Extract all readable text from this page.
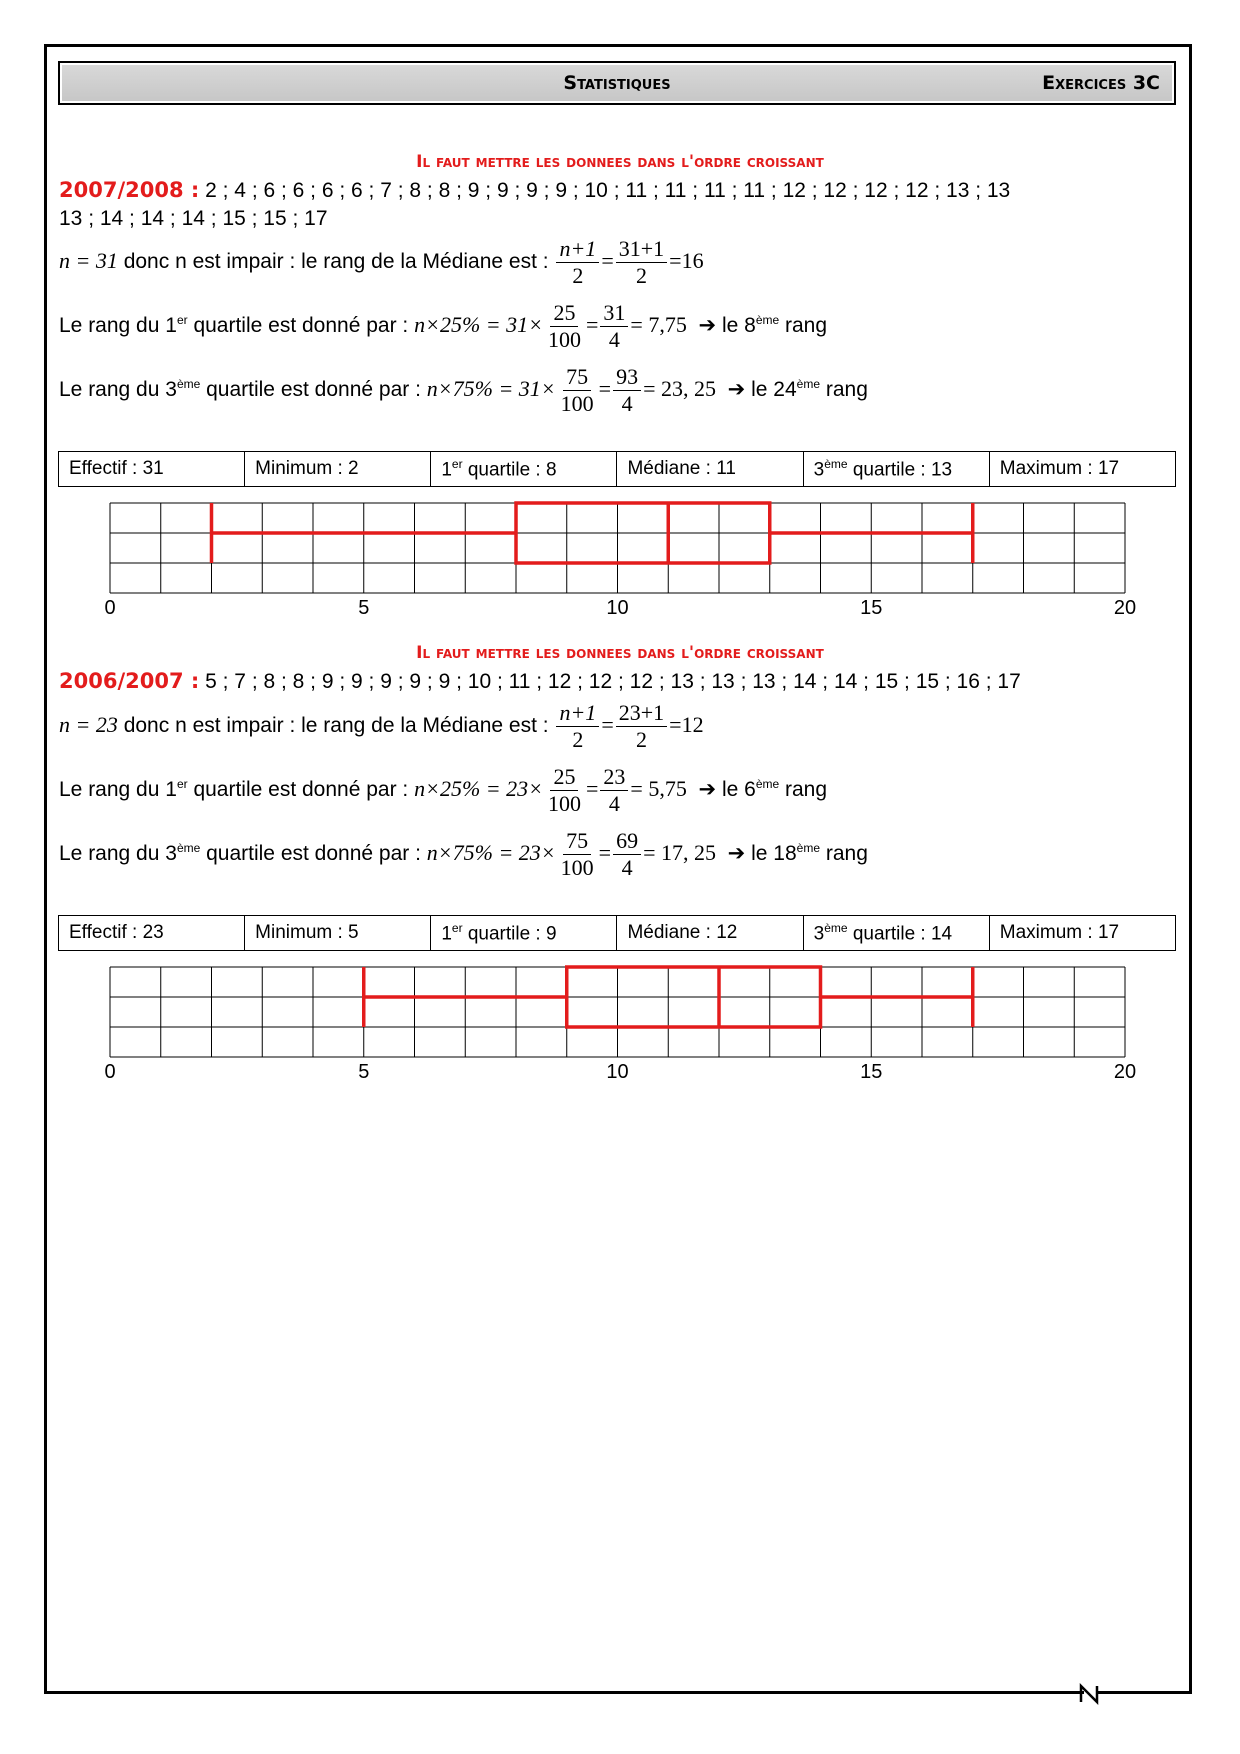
Statistiques	Exercices 3C
Il faut mettre les donnees dans l'ordre croissant
2007/2008 : 2 ; 4 ; 6 ; 6 ; 6 ; 6 ; 7 ; 8 ; 8 ; 9 ; 9 ; 9 ; 9 ; 10 ; 11 ; 11 ; 11 ; 11 ; 12 ; 12 ; 12 ; 12 ; 13 ; 13
13 ; 14 ; 14 ; 14 ; 15 ; 15 ; 17
n = 31 donc n est impair : le rang de la Médiane est : $\frac{n+1}{2} = \frac{31+1}{2} =16$
Le rang du 1er quartile est donné par : $n\times 25\% = 31\times \frac{25}{100} = \frac{31}{4} = 7,75$ ➔ le 8ème rang
Le rang du 3ème quartile est donné par : $n\times 75\% = 31\times \frac{75}{100} = \frac{93}{4} = 23$, 25 ➔ le 24ème rang
Effectif : 31	Minimum : 2	1er quartile : 8	Médiane : 11	3ème quartile : 13	Maximum : 17
Il faut mettre les donnees dans l'ordre croissant
2006/2007 : 5 ; 7 ; 8 ; 8 ; 9 ; 9 ; 9 ; 9 ; 9 ; 10 ; 11 ; 12 ; 12 ; 12 ; 13 ; 13 ; 13 ; 14 ; 14 ; 15 ; 15 ; 16 ; 17
n = 23 donc n est impair : le rang de la Médiane est : $\frac{n+1}{2} = \frac{23+1}{2} =12$
Le rang du 1er quartile est donné par : $n\times 25\% = 23\times \frac{25}{100} = \frac{23}{4} = 5,75$ ➔ le 6ème rang
Le rang du 3ème quartile est donné par : $n\times 75\% = 23\times \frac{75}{100} = \frac{69}{4} = 17$, 25 ➔ le 18ème rang
Effectif : 23	Minimum : 5	1er quartile : 9	Médiane : 12	3ème quartile : 14	Maximum : 17
0	5	10	15	20
0	5	10	15	20
